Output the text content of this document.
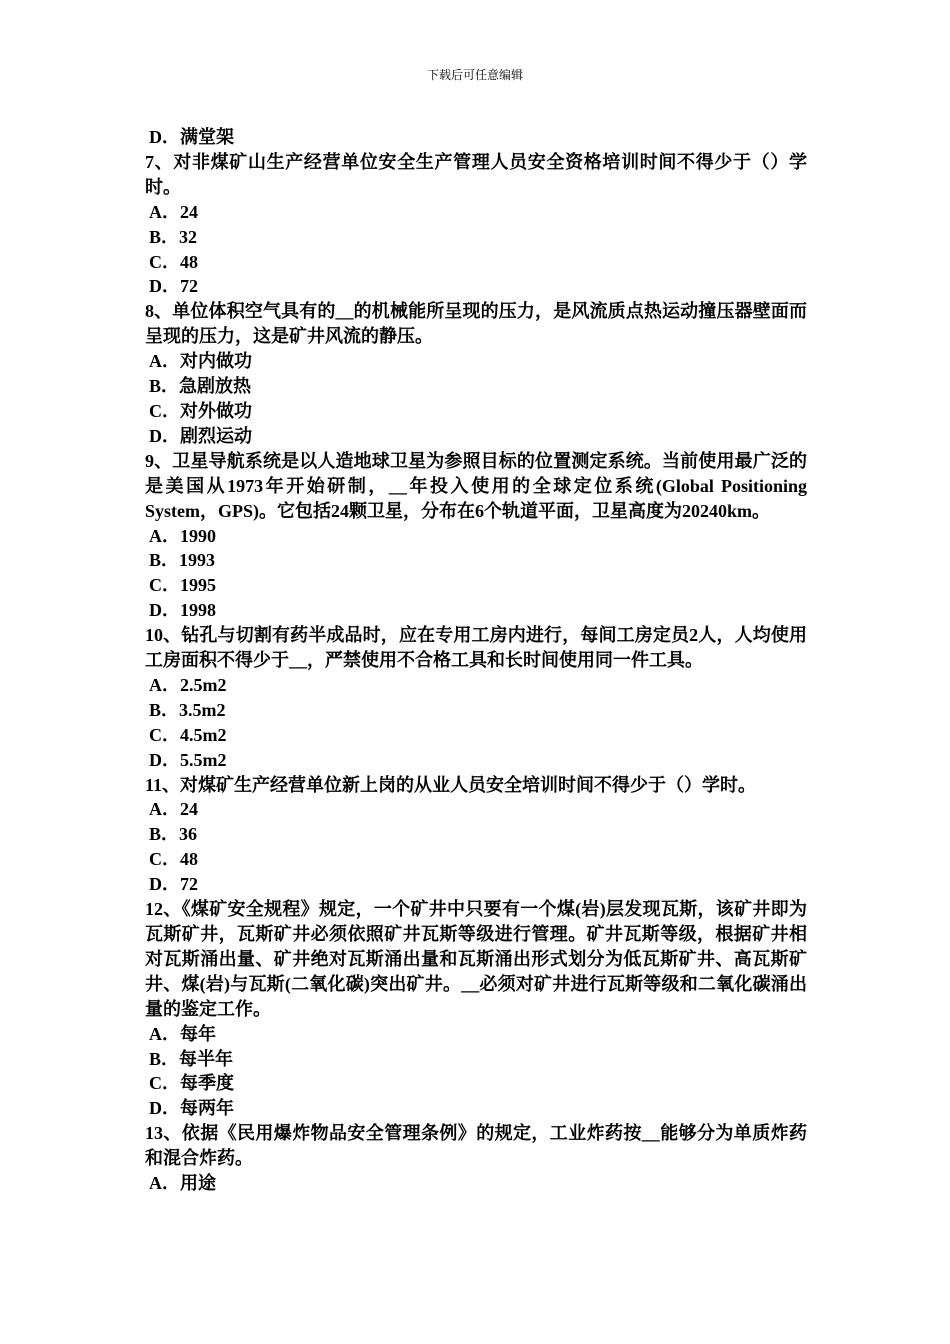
下载后可任意编辑
D．满堂架
7、对非煤矿山生产经营单位安全生产管理人员安全资格培训时间不得少于（）学时。
A．24
B．32
C．48
D．72
8、单位体积空气具有的__的机械能所呈现的压力，是风流质点热运动撞压器壁面而呈现的压力，这是矿井风流的静压。
A．对内做功
B．急剧放热
C．对外做功
D．剧烈运动
9、卫星导航系统是以人造地球卫星为参照目标的位置测定系统。当前使用最广泛的是美国从1973年开始研制，__年投入使用的全球定位系统(Global Positioning System，GPS)。它包括24颗卫星，分布在6个轨道平面，卫星高度为20240km。
A．1990
B．1993
C．1995
D．1998
10、钻孔与切割有药半成品时，应在专用工房内进行，每间工房定员2人，人均使用工房面积不得少于__，严禁使用不合格工具和长时间使用同一件工具。
A．2.5m2
B．3.5m2
C．4.5m2
D．5.5m2
11、对煤矿生产经营单位新上岗的从业人员安全培训时间不得少于（）学时。
A．24
B．36
C．48
D．72
12、《煤矿安全规程》规定，一个矿井中只要有一个煤(岩)层发现瓦斯，该矿井即为瓦斯矿井，瓦斯矿井必须依照矿井瓦斯等级进行管理。矿井瓦斯等级，根据矿井相对瓦斯涌出量、矿井绝对瓦斯涌出量和瓦斯涌出形式划分为低瓦斯矿井、高瓦斯矿井、煤(岩)与瓦斯(二氧化碳)突出矿井。__必须对矿井进行瓦斯等级和二氧化碳涌出量的鉴定工作。
A．每年
B．每半年
C．每季度
D．每两年
13、依据《民用爆炸物品安全管理条例》的规定，工业炸药按__能够分为单质炸药和混合炸药。
A．用途
